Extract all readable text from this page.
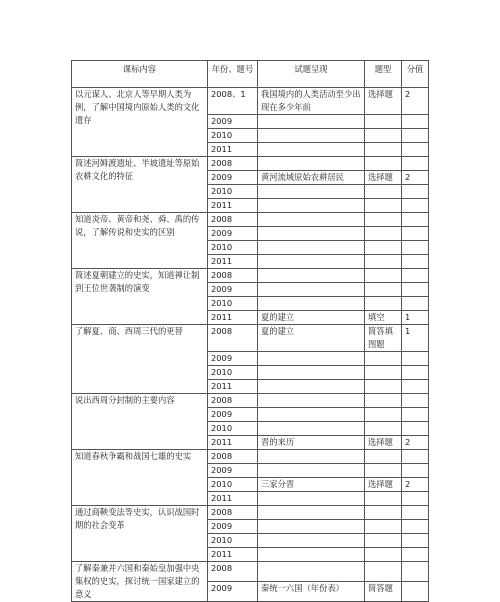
课标内容	年份、题号	试题呈现	题型	分值
以元谋人、北京人等早期人类为例，了解中国境内原始人类的文化遗存	2008、1	我国境内的人类活动至少出现在多少年前	选择题	2
	2009			
	2010			
	2011			
简述河姆渡遗址、半坡遗址等原始农耕文化的特征	2008			
	2009	黄河流域原始农耕居民	选择题	2
	2010			
	2011			
知道炎帝、黄帝和尧、舜、禹的传说，了解传说和史实的区别	2008			
	2009			
	2010			
	2011			
简述夏朝建立的史实，知道禅让制到王位世袭制的演变	2008			
	2009			
	2010			
	2011	夏的建立	填空	1
了解夏、商、西周三代的更替	2008	夏的建立	简答填图题	1
	2009			
	2010			
	2011			
说出西周分封制的主要内容	2008			
	2009			
	2010			
	2011	晋的来历	选择题	2
知道春秋争霸和战国七雄的史实	2008			
	2009			
	2010	三家分晋	选择题	2
	2011			
通过商鞅变法等史实，认识战国时期的社会变革	2008			
	2009			
	2010			
	2011			
了解秦兼并六国和秦始皇加强中央集权的史实，探讨统一国家建立的意义	2008			
	2009	秦统一六国（年份表）	简答题	
